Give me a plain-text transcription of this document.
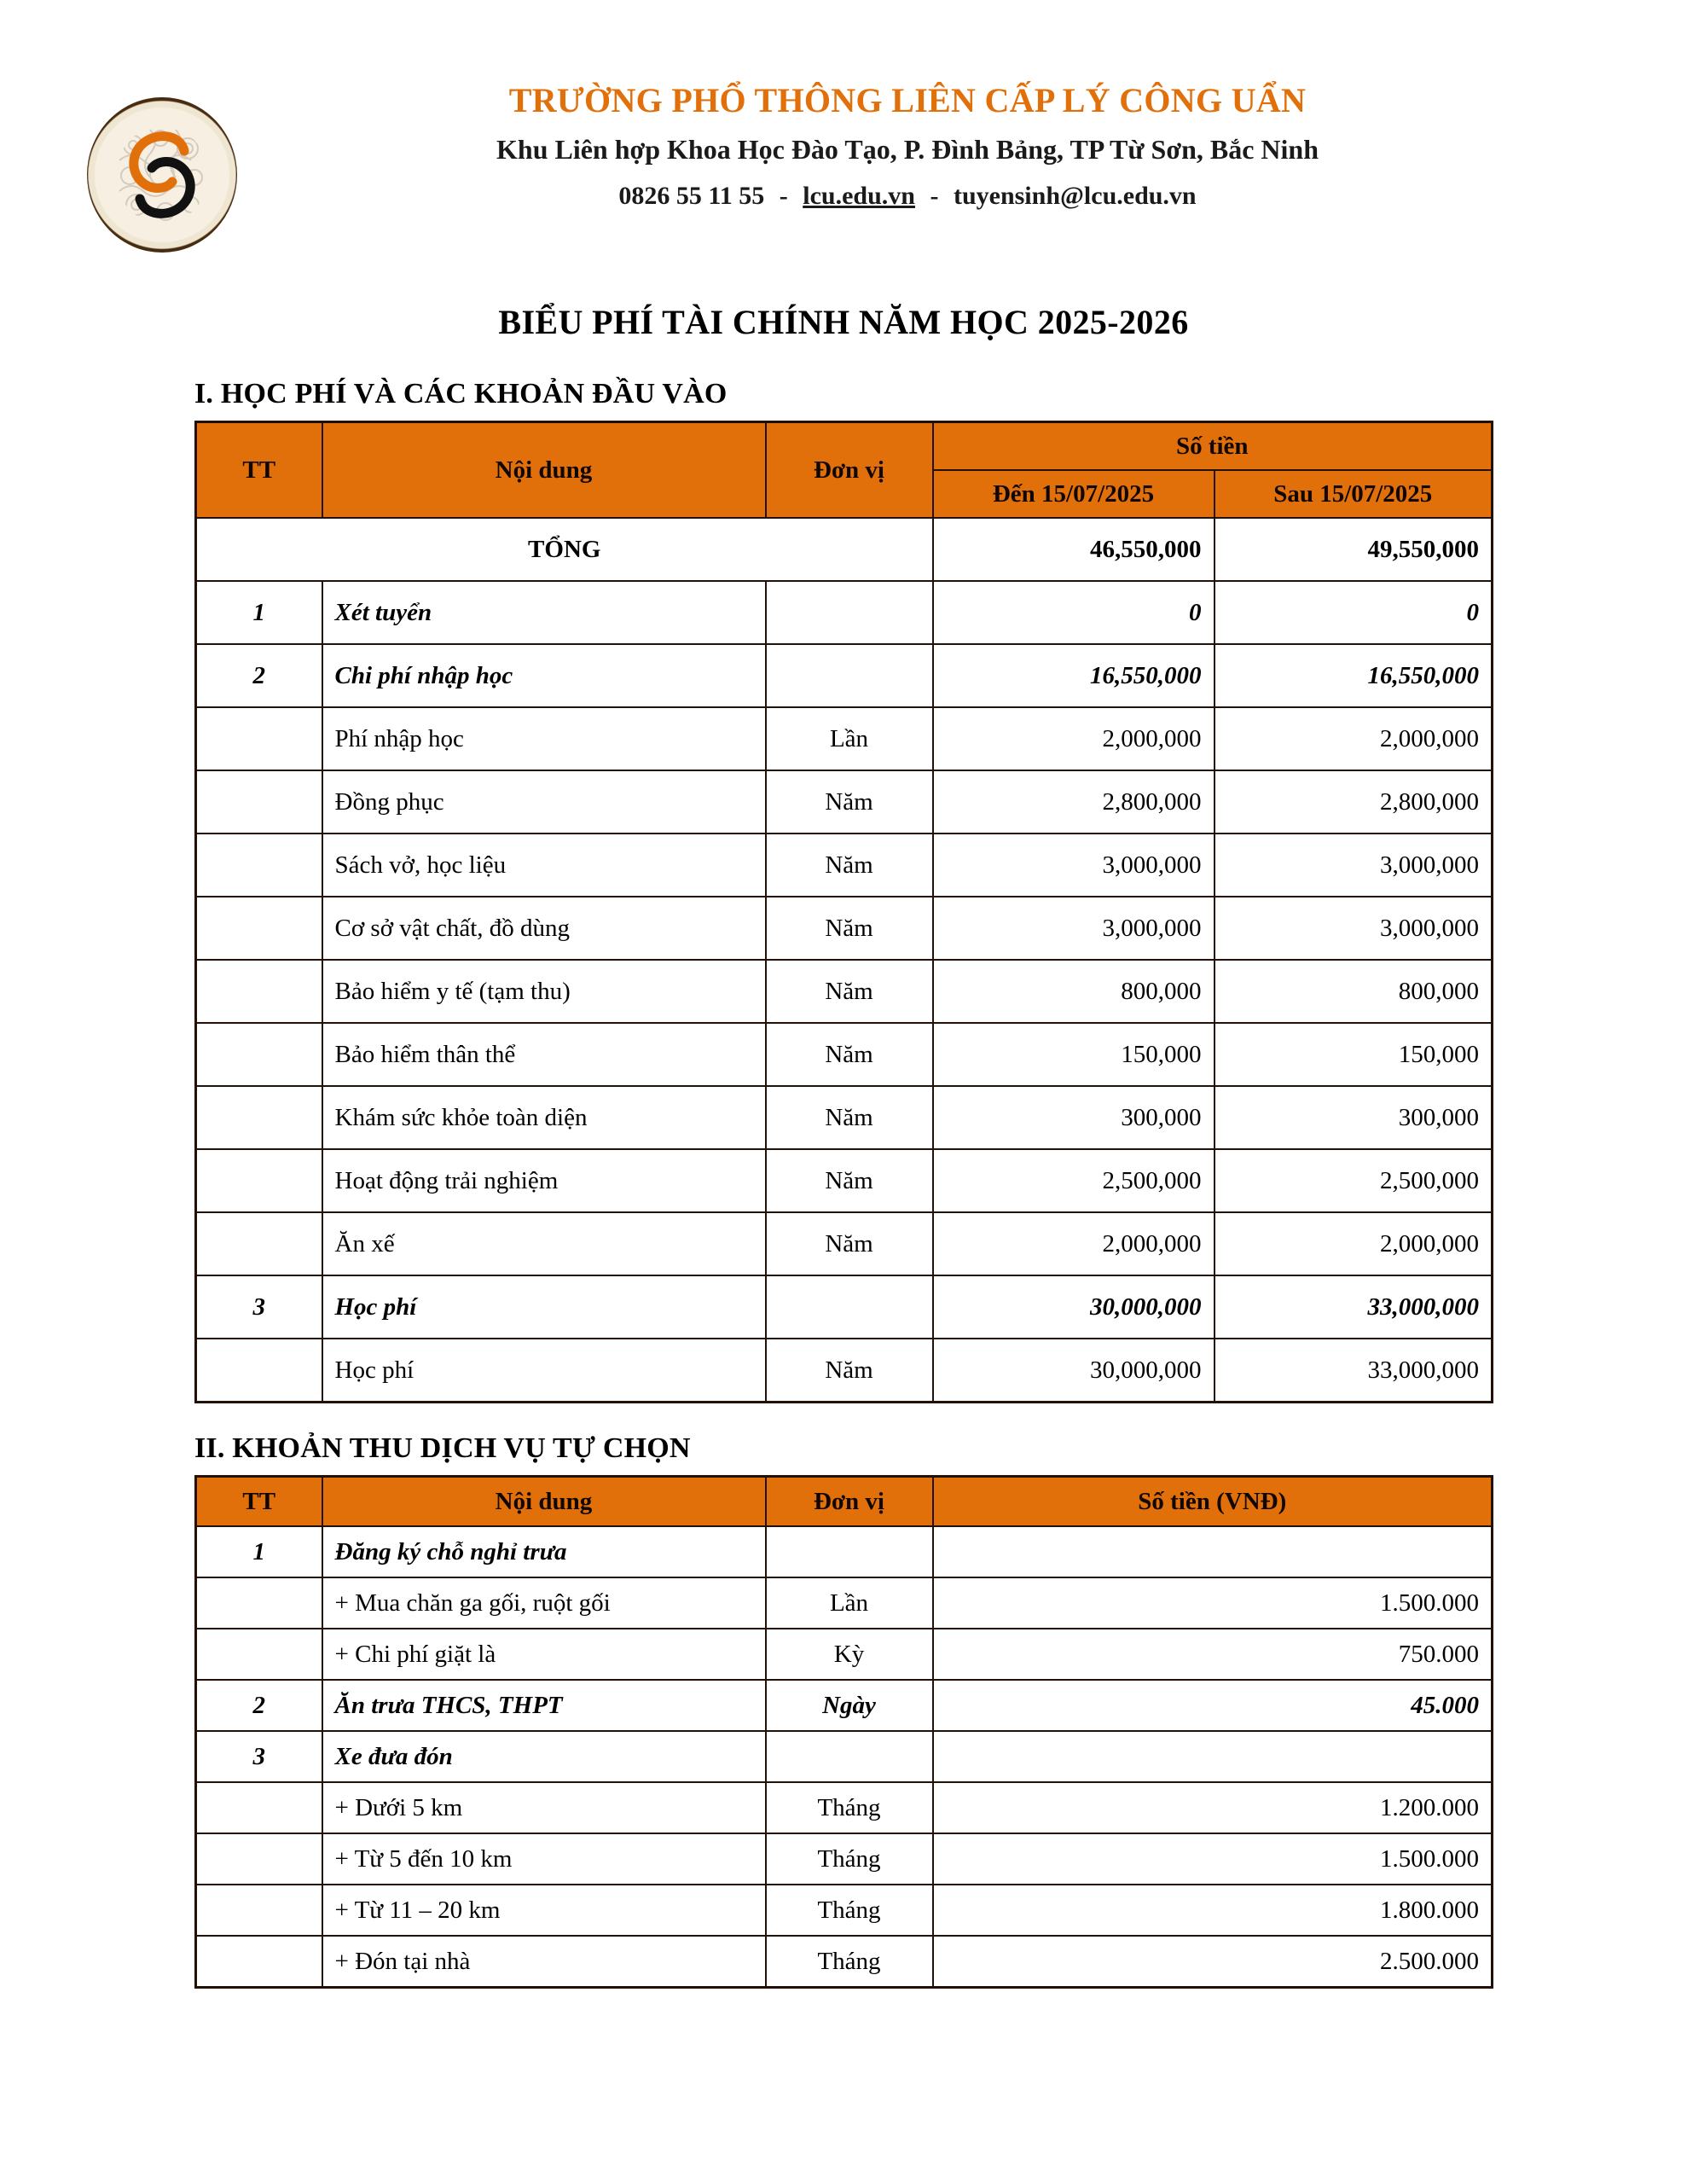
TRƯỜNG PHỔ THÔNG LIÊN CẤP LÝ CÔNG UẨN
Khu Liên hợp Khoa Học Đào Tạo, P. Đình Bảng, TP Từ Sơn, Bắc Ninh
0826 55 11 55 - lcu.edu.vn - tuyensinh@lcu.edu.vn
BIỂU PHÍ TÀI CHÍNH NĂM HỌC 2025-2026
I. HỌC PHÍ VÀ CÁC KHOẢN ĐẦU VÀO
TT	Nội dung	Đơn vị	Số tiền	
			Đến 15/07/2025	Sau 15/07/2025
TỔNG			46,550,000	49,550,000
1	Xét tuyển		0	0
2	Chi phí nhập học		16,550,000	16,550,000
	Phí nhập học	Lần	2,000,000	2,000,000
	Đồng phục	Năm	2,800,000	2,800,000
	Sách vở, học liệu	Năm	3,000,000	3,000,000
	Cơ sở vật chất, đồ dùng	Năm	3,000,000	3,000,000
	Bảo hiểm y tế (tạm thu)	Năm	800,000	800,000
	Bảo hiểm thân thể	Năm	150,000	150,000
	Khám sức khỏe toàn diện	Năm	300,000	300,000
	Hoạt động trải nghiệm	Năm	2,500,000	2,500,000
	Ăn xế	Năm	2,000,000	2,000,000
3	Học phí		30,000,000	33,000,000
	Học phí	Năm	30,000,000	33,000,000
II. KHOẢN THU DỊCH VỤ TỰ CHỌN
TT	Nội dung	Đơn vị	Số tiền (VNĐ)
1	Đăng ký chỗ nghỉ trưa		
	+ Mua chăn ga gối, ruột gối	Lần	1.500.000
	+ Chi phí giặt là	Kỳ	750.000
2	Ăn trưa THCS, THPT	Ngày	45.000
3	Xe đưa đón		
	+ Dưới 5 km	Tháng	1.200.000
	+ Từ 5 đến 10 km	Tháng	1.500.000
	+ Từ 11 – 20 km	Tháng	1.800.000
	+ Đón tại nhà	Tháng	2.500.000
